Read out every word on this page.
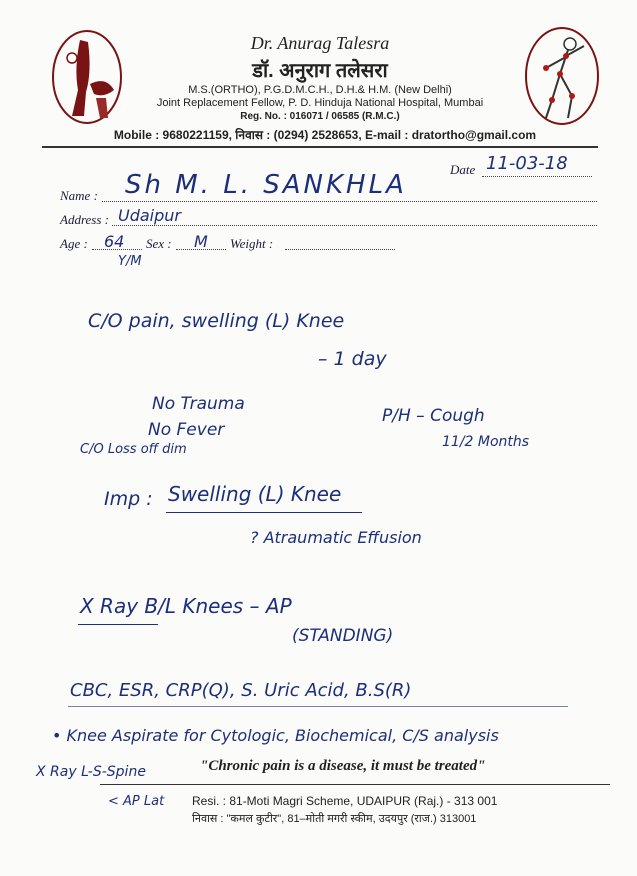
Dr. Anurag Talesra
डॉ. अनुराग तलेसरा
M.S.(ORTHO), P.G.D.M.C.H., D.H.& H.M. (New Delhi)
Joint Replacement Fellow, P. D. Hinduja National Hospital, Mumbai
Reg. No. : 016071 / 06585 (R.M.C.)
Mobile : 9680221159, निवास : (0294) 2528653, E-mail : dratortho@gmail.com
Date 11-03-18
Name : Sh M. L. SANKHLA
Address : Udaipur
Age : 64 Sex : M Weight :
Y/M
C/O pain, swelling (L) Knee
– 1 day
No Trauma
No Fever
C/O Loss off dim
P/H – Cough
11/2 Months
Imp : Swelling (L) Knee
? Atraumatic Effusion
X Ray B/L Knees – AP
(STANDING)
CBC, ESR, CRP(Q), S. Uric Acid, B.S(R)
• Knee Aspirate for Cytologic, Biochemical, C/S analysis
X Ray L-S-Spine
< AP Lat
"Chronic pain is a disease, it must be treated"
Resi. : 81-Moti Magri Scheme, UDAIPUR (Raj.) - 313 001
निवास : "कमल कुटीर", 81–मोती मगरी स्कीम, उदयपुर (राज.) 313001
